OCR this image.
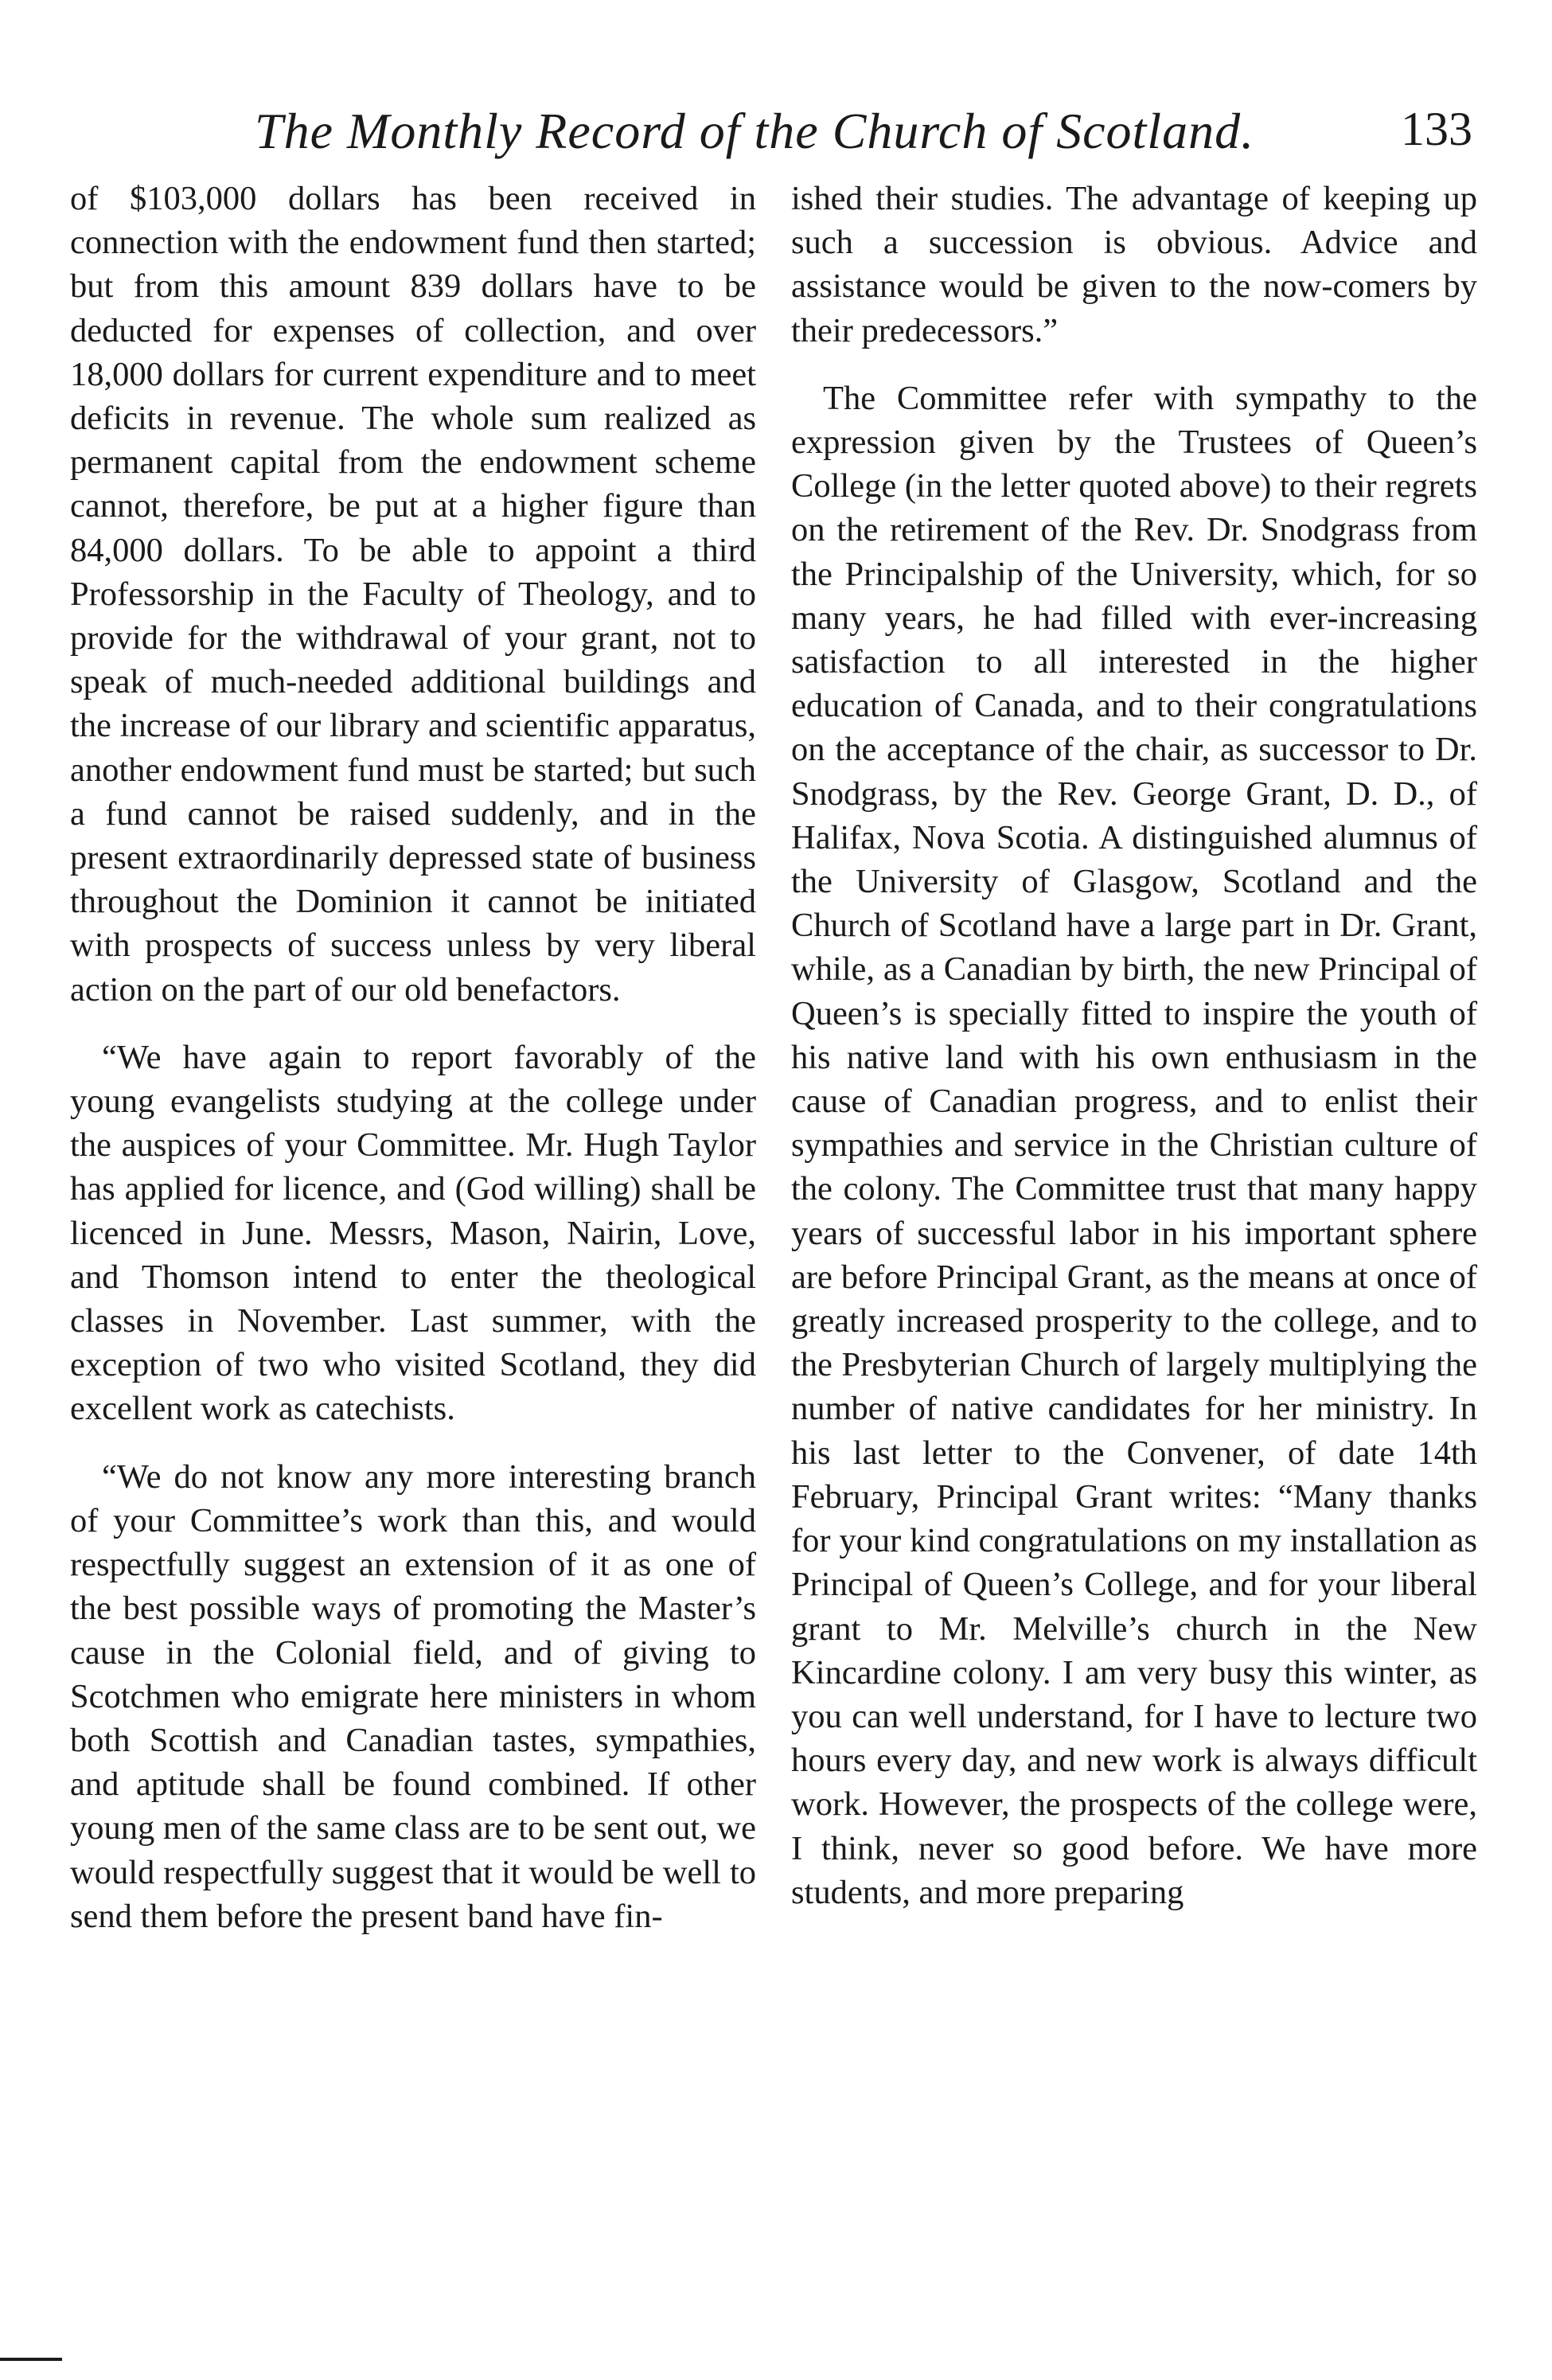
The Monthly Record of the Church of Scotland.	133

of $103,000 dollars has been received in connection with the endowment fund then started; but from this amount 839 dollars have to be deducted for expenses of collection, and over 18,000 dollars for current expenditure and to meet deficits in revenue. The whole sum realized as permanent capital from the endowment scheme cannot, therefore, be put at a higher figure than 84,000 dollars. To be able to appoint a third Professorship in the Faculty of Theology, and to provide for the withdrawal of your grant, not to speak of much-needed additional buildings and the increase of our library and scientific apparatus, another endowment fund must be started; but such a fund cannot be raised suddenly, and in the present extraordinarily depressed state of business throughout the Dominion it cannot be initiated with prospects of success unless by very liberal action on the part of our old benefactors.

“We have again to report favorably of the young evangelists studying at the college under the auspices of your Committee. Mr. Hugh Taylor has applied for licence, and (God willing) shall be licenced in June. Messrs, Mason, Nairin, Love, and Thomson intend to enter the theological classes in November. Last summer, with the exception of two who visited Scotland, they did excellent work as catechists.

“We do not know any more interesting branch of your Committee’s work than this, and would respectfully suggest an extension of it as one of the best possible ways of promoting the Master’s cause in the Colonial field, and of giving to Scotchmen who emigrate here ministers in whom both Scottish and Canadian tastes, sympathies, and aptitude shall be found combined. If other young men of the same class are to be sent out, we would respectfully suggest that it would be well to send them before the present band have fin-

ished their studies. The advantage of keeping up such a succession is obvious. Advice and assistance would be given to the now-comers by their predecessors.”

The Committee refer with sympathy to the expression given by the Trustees of Queen’s College (in the letter quoted above) to their regrets on the retirement of the Rev. Dr. Snodgrass from the Principalship of the University, which, for so many years, he had filled with ever-increasing satisfaction to all interested in the higher education of Canada, and to their congratulations on the acceptance of the chair, as successor to Dr. Snodgrass, by the Rev. George Grant, D. D., of Halifax, Nova Scotia. A distinguished alumnus of the University of Glasgow, Scotland and the Church of Scotland have a large part in Dr. Grant, while, as a Canadian by birth, the new Principal of Queen’s is specially fitted to inspire the youth of his native land with his own enthusiasm in the cause of Canadian progress, and to enlist their sympathies and service in the Christian culture of the colony. The Committee trust that many happy years of successful labor in his important sphere are before Principal Grant, as the means at once of greatly increased prosperity to the college, and to the Presbyterian Church of largely multiplying the number of native candidates for her ministry. In his last letter to the Convener, of date 14th February, Principal Grant writes: “Many thanks for your kind congratulations on my installation as Principal of Queen’s College, and for your liberal grant to Mr. Melville’s church in the New Kincardine colony. I am very busy this winter, as you can well understand, for I have to lecture two hours every day, and new work is always difficult work. However, the prospects of the college were, I think, never so good before. We have more students, and more preparing
